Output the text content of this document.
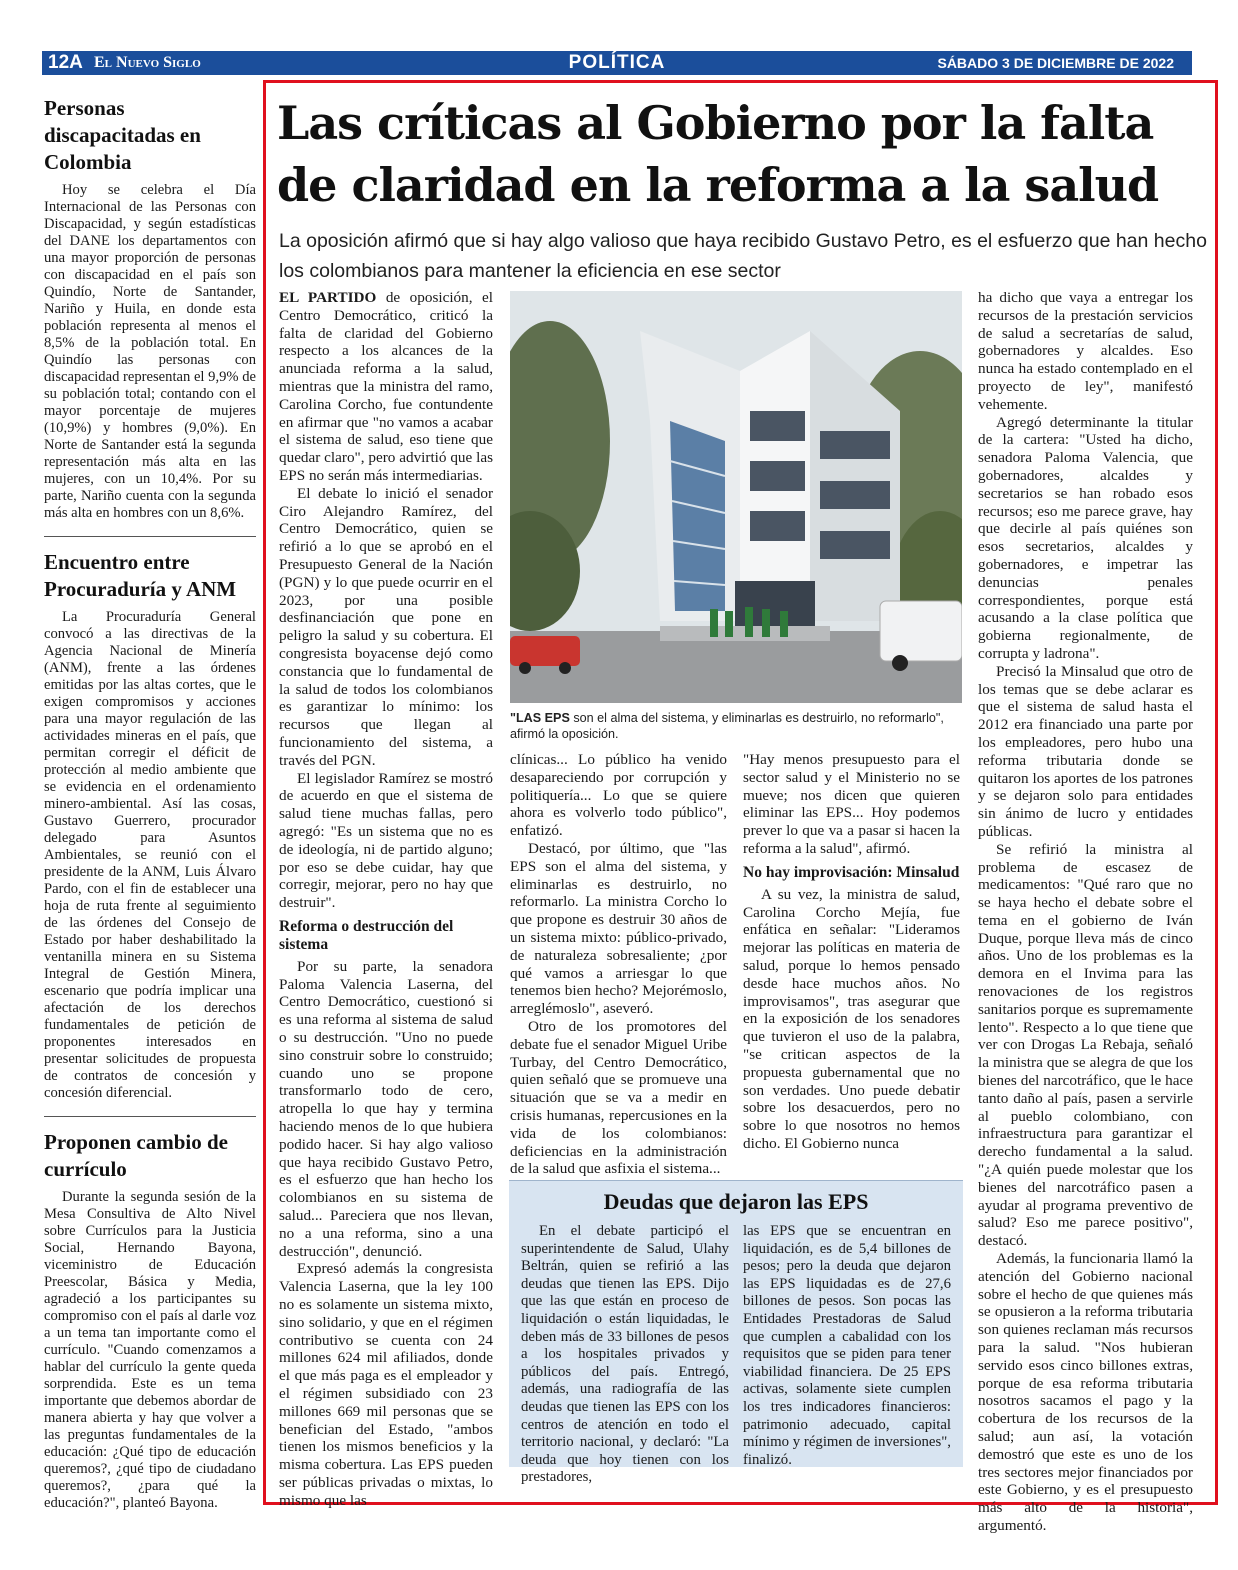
12A El Nuevo Siglo	POLÍTICA	SÁBADO 3 DE DICIEMBRE DE 2022
Personas discapacitadas en Colombia

Hoy se celebra el Día Internacional de las Personas con Discapacidad, y según estadísticas del DANE los departamentos con una mayor proporción de personas con discapacidad en el país son Quindío, Norte de Santander, Nariño y Huila, en donde esta población representa al menos el 8,5% de la población total. En Quindío las personas con discapacidad representan el 9,9% de su población total; contando con el mayor porcentaje de mujeres (10,9%) y hombres (9,0%). En Norte de Santander está la segunda representación más alta en las mujeres, con un 10,4%. Por su parte, Nariño cuenta con la segunda más alta en hombres con un 8,6%.

Encuentro entre Procuraduría y ANM

La Procuraduría General convocó a las directivas de la Agencia Nacional de Minería (ANM), frente a las órdenes emitidas por las altas cortes, que le exigen compromisos y acciones para una mayor regulación de las actividades mineras en el país, que permitan corregir el déficit de protección al medio ambiente que se evidencia en el ordenamiento minero-ambiental. Así las cosas, Gustavo Guerrero, procurador delegado para Asuntos Ambientales, se reunió con el presidente de la ANM, Luis Álvaro Pardo, con el fin de establecer una hoja de ruta frente al seguimiento de las órdenes del Consejo de Estado por haber deshabilitado la ventanilla minera en su Sistema Integral de Gestión Minera, escenario que podría implicar una afectación de los derechos fundamentales de petición de proponentes interesados en presentar solicitudes de propuesta de contratos de concesión y concesión diferencial.

Proponen cambio de currículo

Durante la segunda sesión de la Mesa Consultiva de Alto Nivel sobre Currículos para la Justicia Social, Hernando Bayona, viceministro de Educación Preescolar, Básica y Media, agradeció a los participantes su compromiso con el país al darle voz a un tema tan importante como el currículo. "Cuando comenzamos a hablar del currículo la gente queda sorprendida. Este es un tema importante que debemos abordar de manera abierta y hay que volver a las preguntas fundamentales de la educación: ¿Qué tipo de educación queremos?, ¿qué tipo de ciudadano queremos?, ¿para qué la educación?", planteó Bayona.

Las críticas al Gobierno por la falta de claridad en la reforma a la salud
La oposición afirmó que si hay algo valioso que haya recibido Gustavo Petro, es el esfuerzo que han hecho los colombianos para mantener la eficiencia en ese sector

EL PARTIDO de oposición, el Centro Democrático, criticó la falta de claridad del Gobierno respecto a los alcances de la anunciada reforma a la salud, mientras que la ministra del ramo, Carolina Corcho, fue contundente en afirmar que "no vamos a acabar el sistema de salud, eso tiene que quedar claro", pero advirtió que las EPS no serán más intermediarias.

El debate lo inició el senador Ciro Alejandro Ramírez, del Centro Democrático, quien se refirió a lo que se aprobó en el Presupuesto General de la Nación (PGN) y lo que puede ocurrir en el 2023, por una posible desfinanciación que pone en peligro la salud y su cobertura. El congresista boyacense dejó como constancia que lo fundamental de la salud de todos los colombianos es garantizar lo mínimo: los recursos que llegan al funcionamiento del sistema, a través del PGN.

El legislador Ramírez se mostró de acuerdo en que el sistema de salud tiene muchas fallas, pero agregó: "Es un sistema que no es de ideología, ni de partido alguno; por eso se debe cuidar, hay que corregir, mejorar, pero no hay que destruir".

Reforma o destrucción del sistema

Por su parte, la senadora Paloma Valencia Laserna, del Centro Democrático, cuestionó si es una reforma al sistema de salud o su destrucción. "Uno no puede sino construir sobre lo construido; cuando uno se propone transformarlo todo de cero, atropella lo que hay y termina haciendo menos de lo que hubiera podido hacer. Si hay algo valioso que haya recibido Gustavo Petro, es el esfuerzo que han hecho los colombianos en su sistema de salud... Pareciera que nos llevan, no a una reforma, sino a una destrucción", denunció.

Expresó además la congresista Valencia Laserna, que la ley 100 no es solamente un sistema mixto, sino solidario, y que en el régimen contributivo se cuenta con 24 millones 624 mil afiliados, donde el que más paga es el empleador y el régimen subsidiado con 23 millones 669 mil personas que se benefician del Estado, "ambos tienen los mismos beneficios y la misma cobertura. Las EPS pueden ser públicas privadas o mixtas, lo mismo que las

"LAS EPS son el alma del sistema, y eliminarlas es destruirlo, no reformarlo", afirmó la oposición.

clínicas... Lo público ha venido desapareciendo por corrupción y politiquería... Lo que se quiere ahora es volverlo todo público", enfatizó.

Destacó, por último, que "las EPS son el alma del sistema, y eliminarlas es destruirlo, no reformarlo. La ministra Corcho lo que propone es destruir 30 años de un sistema mixto: público-privado, de naturaleza sobresaliente; ¿por qué vamos a arriesgar lo que tenemos bien hecho? Mejorémoslo, arreglémoslo", aseveró.

Otro de los promotores del debate fue el senador Miguel Uribe Turbay, del Centro Democrático, quien señaló que se promueve una situación que se va a medir en crisis humanas, repercusiones en la vida de los colombianos: deficiencias en la administración de la salud que asfixia el sistema...

"Hay menos presupuesto para el sector salud y el Ministerio no se mueve; nos dicen que quieren eliminar las EPS... Hoy podemos prever lo que va a pasar si hacen la reforma a la salud", afirmó.

No hay improvisación: Minsalud

A su vez, la ministra de salud, Carolina Corcho Mejía, fue enfática en señalar: "Lideramos mejorar las políticas en materia de salud, porque lo hemos pensado desde hace muchos años. No improvisamos", tras asegurar que en la exposición de los senadores que tuvieron el uso de la palabra, "se critican aspectos de la propuesta gubernamental que no son verdades. Uno puede debatir sobre los desacuerdos, pero no sobre lo que nosotros no hemos dicho. El Gobierno nunca

ha dicho que vaya a entregar los recursos de la prestación servicios de salud a secretarías de salud, gobernadores y alcaldes. Eso nunca ha estado contemplado en el proyecto de ley", manifestó vehemente.

Agregó determinante la titular de la cartera: "Usted ha dicho, senadora Paloma Valencia, que gobernadores, alcaldes y secretarios se han robado esos recursos; eso me parece grave, hay que decirle al país quiénes son esos secretarios, alcaldes y gobernadores, e impetrar las denuncias penales correspondientes, porque está acusando a la clase política que gobierna regionalmente, de corrupta y ladrona".

Precisó la Minsalud que otro de los temas que se debe aclarar es que el sistema de salud hasta el 2012 era financiado una parte por los empleadores, pero hubo una reforma tributaria donde se quitaron los aportes de los patrones y se dejaron solo para entidades sin ánimo de lucro y entidades públicas.

Se refirió la ministra al problema de escasez de medicamentos: "Qué raro que no se haya hecho el debate sobre el tema en el gobierno de Iván Duque, porque lleva más de cinco años. Uno de los problemas es la demora en el Invima para las renovaciones de los registros sanitarios porque es supremamente lento". Respecto a lo que tiene que ver con Drogas La Rebaja, señaló la ministra que se alegra de que los bienes del narcotráfico, que le hace tanto daño al país, pasen a servirle al pueblo colombiano, con infraestructura para garantizar el derecho fundamental a la salud. "¿A quién puede molestar que los bienes del narcotráfico pasen a ayudar al programa preventivo de salud? Eso me parece positivo", destacó.

Además, la funcionaria llamó la atención del Gobierno nacional sobre el hecho de que quienes más se opusieron a la reforma tributaria son quienes reclaman más recursos para la salud. "Nos hubieran servido esos cinco billones extras, porque de esa reforma tributaria nosotros sacamos el pago y la cobertura de los recursos de la salud; aun así, la votación demostró que este es uno de los tres sectores mejor financiados por este Gobierno, y es el presupuesto más alto de la historia", argumentó.

Deudas que dejaron las EPS

En el debate participó el superintendente de Salud, Ulahy Beltrán, quien se refirió a las deudas que tienen las EPS. Dijo que las que están en proceso de liquidación o están liquidadas, le deben más de 33 billones de pesos a los hospitales privados y públicos del país. Entregó, además, una radiografía de las deudas que tienen las EPS con los centros de atención en todo el territorio nacional, y declaró: "La deuda que hoy tienen con los prestadores,

las EPS que se encuentran en liquidación, es de 5,4 billones de pesos; pero la deuda que dejaron las EPS liquidadas es de 27,6 billones de pesos. Son pocas las Entidades Prestadoras de Salud que cumplen a cabalidad con los requisitos que se piden para tener viabilidad financiera. De 25 EPS activas, solamente siete cumplen los tres indicadores financieros: patrimonio adecuado, capital mínimo y régimen de inversiones", finalizó.
